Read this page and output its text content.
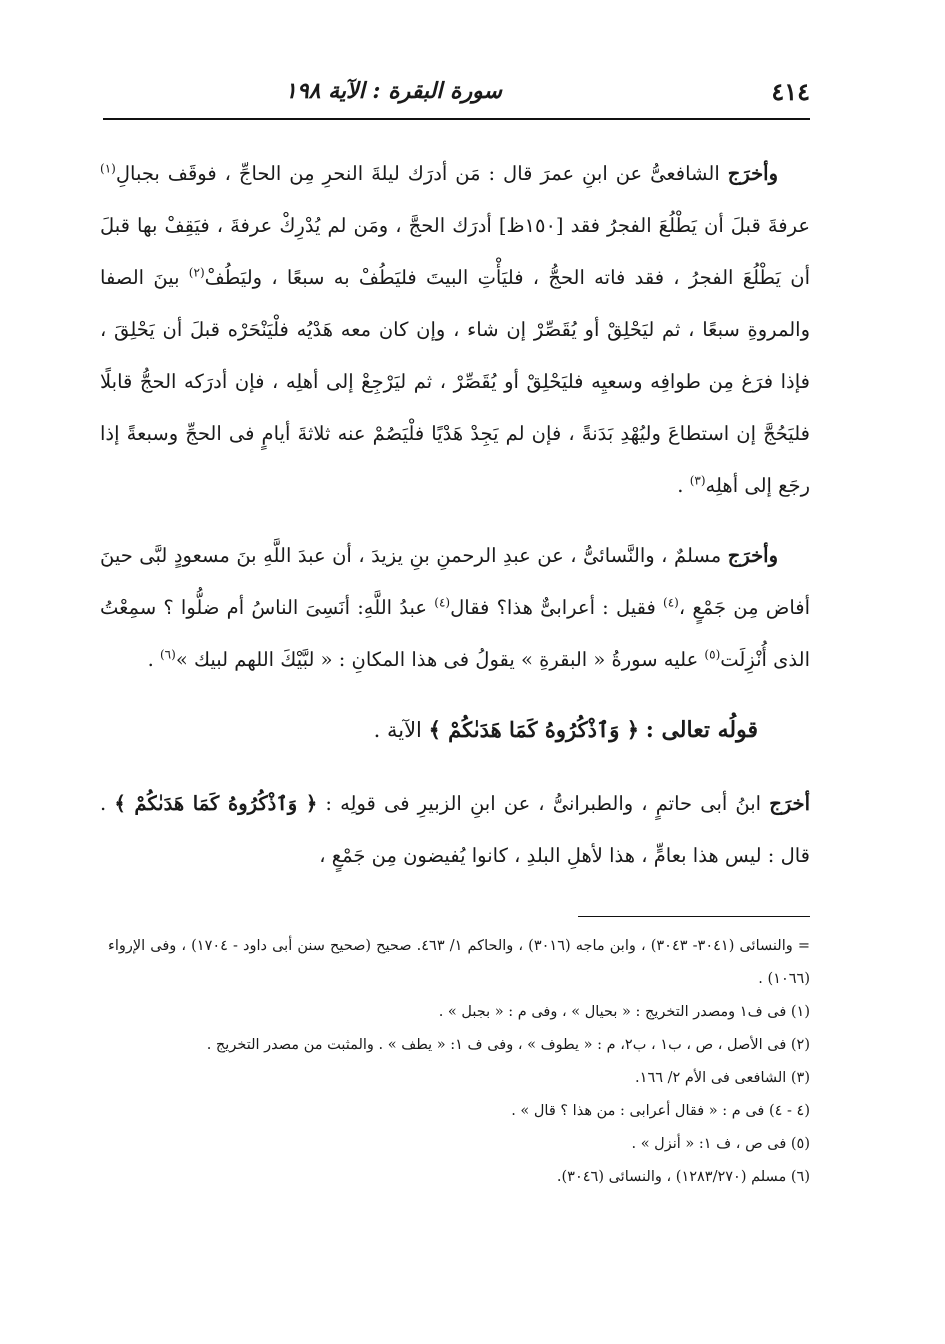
٤١٤
سورة البقرة : الآية ١٩٨

وأخرَج الشافعىُّ عن ابنِ عمرَ قال : مَن أدرَك ليلةَ النحرِ مِن الحاجِّ ، فوقَف بجبالِ$^{(١)}$ عرفةَ قبلَ أن يَطْلُعَ الفجرُ فقد [١٥٠ظ] أدرَك الحجَّ ، ومَن لم يُدْرِكْ عرفةَ ، فيَقِفْ بها قبلَ أن يَطْلُعَ الفجرُ ، فقد فاته الحجُّ ، فليَأْتِ البيتَ فليَطُفْ به سبعًا ، وليَطُفْ$^{(٢)}$ بينَ الصفا والمروةِ سبعًا ، ثم ليَحْلِقْ أو يُقَصِّرْ إن شاء ، وإن كان معه هَدْيُه فلْيَنْحَرْه قبلَ أن يَحْلِقَ ، فإذا فرَغ مِن طوافِه وسعيِه فليَحْلِقْ أو يُقَصِّرْ ، ثم ليَرْجِعْ إلى أهلِه ، فإن أدرَكه الحجُّ قابلًا فليَحُجَّ إن استطاعَ وليُهْدِ بَدَنةً ، فإن لم يَجِدْ هَدْيًا فلْيَصُمْ عنه ثلاثةَ أيامٍ فى الحجِّ وسبعةً إذا رجَع إلى أهلِه$^{(٣)}$ .

وأخرَج مسلمٌ ، والنَّسائىُّ ، عن عبدِ الرحمنِ بنِ يزيدَ ، أن عبدَ اللَّهِ بنَ مسعودٍ لبَّى حينَ أفاض مِن جَمْعٍ ،$^{(٤)}$ فقيل : أعرابىٌّ هذا؟ فقال$^{(٤)}$ عبدُ اللَّهِ: أنَسِىَ الناسُ أم ضلُّوا ؟ سمِعْتُ الذى أُنْزِلَت$^{(٥)}$ عليه سورةُ « البقرةِ » يقولُ فى هذا المكانِ : « لبَّيْكَ اللهم لبيك »$^{(٦)}$ .

قولُه تعالى : ﴿ وَٱذْكُرُوهُ كَمَا هَدَىٰكُمْ ﴾ الآية .

أخرَج ابنُ أبى حاتمٍ ، والطبرانىُّ ، عن ابنِ الزبيرِ فى قولِه : ﴿ وَٱذْكُرُوهُ كَمَا هَدَىٰكُمْ ﴾ . قال : ليس هذا بعامٍّ ، هذا لأهلِ البلدِ ، كانوا يُفيضون مِن جَمْعٍ ،

= والنسائى (٣٠٤١- ٣٠٤٣) ، وابن ماجه (٣٠١٦) ، والحاكم ١/ ٤٦٣. صحيح (صحيح سنن أبى داود - ١٧٠٤) ، وفى الإرواء (١٠٦٦) .
(١) فى ف١ ومصدر التخريج : « بحيال » ، وفى م : « بجبل » .
(٢) فى الأصل ، ص ، ب١ ، ب٢، م : « يطوف » ، وفى ف ١: « يطف » . والمثبت من مصدر التخريج .
(٣) الشافعى فى الأم ٢/ ١٦٦.
(٤ - ٤) فى م : « فقال أعرابى : من هذا ؟ قال » .
(٥) فى ص ، ف ١: « أنزل » .
(٦) مسلم (١٢٨٣/٢٧٠) ، والنسائى (٣٠٤٦).
